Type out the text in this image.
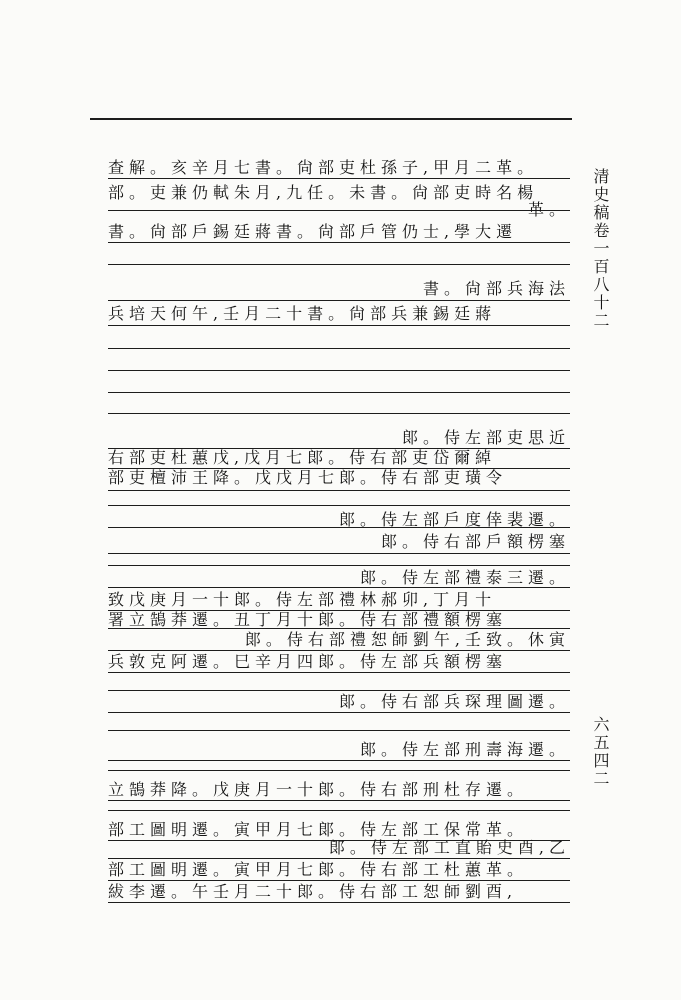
查解。亥辛月七書。尙部吏杜孫子,甲月二革。
部。吏兼仍軾朱月,九任。未書。尙部吏時名楊
革。
書。尙部戶錫廷蔣書。尙部戶管仍士,學大遷
書。尙部兵海法
兵培天何午,壬月二十書。尙部兵兼錫廷蔣
郞。侍左部吏思近
右部吏杜蕙戊,戊月七郞。侍右部吏岱爾綽
部吏檀沛王降。戊戊月七郞。侍右部吏璜令
郞。侍左部戶度倖裴遷。
郞。侍右部戶額楞塞
郞。侍左部禮泰三遷。
致戊庚月一十郞。侍左部禮林郝卯,丁月十
署立鵠莽遷。丑丁月十郞。侍右部禮額楞塞
郞。侍右部禮恕師劉午,壬致。休寅
兵敦克阿遷。巳辛月四郞。侍左部兵額楞塞
郞。侍右部兵琛理圖遷。
郞。侍左部刑壽海遷。
立鵠莽降。戊庚月一十郞。侍右部刑杜存遷。
部工圖明遷。寅甲月七郞。侍左部工保常革。
郞。侍左部工直貽史酉,乙
部工圖明遷。寅甲月七郞。侍右部工杜蕙革。
紱李遷。午壬月二十郞。侍右部工恕師劉酉,
清史稿卷一百八十二
六五四二
